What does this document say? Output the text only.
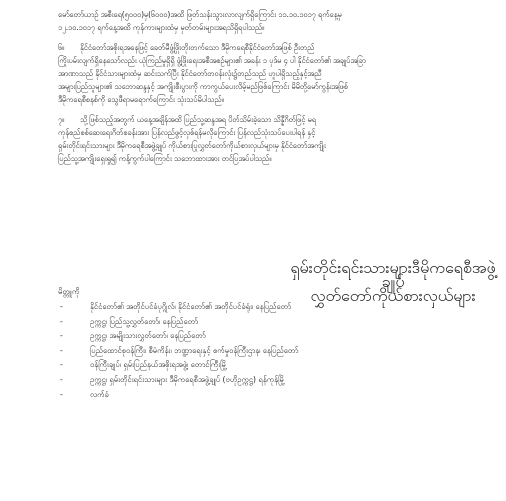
မော်တော်ယာဉ် အစီးရေ(၅၀၀၀)မှ(၆၀၀၀)အထိ ဖြတ်သန်းသွားလာလျက်ရှိကြောင်း ၁၁.၁၀.၁၀၁၇ ရက်နေ့မှ
၁၂.၁၀.၁၀၁၇ ရက်နေ့အထိ ကုန်ကားများထံမှ မှတ်တမ်းများအရသိရှိရပါသည်။
၆။ နိုင်ငံတော်အစိုးရအနေဖြင့် ခေတ်မီဖွံ့ဖြိုးတိုးတက်သော ဒီမိုကရေစီနိုင်ငံတော်အဖြစ် ဦးတည်
ကြိုးပမ်းလျက်ရှိနေသော်လည်း ယုံကြည်မှုရှိရှိ ဖွံ့ဖြိုးရေးအစီအစဉ်များ၏ အခန်း ၁ ပုဒ်မ ၄ ပါ နိုင်ငံတော်၏ အချုပ်အခြာ
အာဏာသည် နိုင်ငံသားများထံမှ ဆင်းသက်ပြီး နိုင်ငံတော်တဝန်းလုံး၌တည်သည် ဟူပါရှိသည့်နှင့်အညီ
အများပြည်သူများ၏ သဘောဆန္ဒနှင့် အကျိုးစီးပွားကို ကာကွယ်ပေးလိမ့်မည်ဖြစ်ကြောင်း မိမိတို့မော်ကွန်းအဖြစ်
ဒီမိုကရေစီစနစ်ကို သွေဖီရာမရောက်ကြောင်း သုံးသပ်မိပါသည်။
၇။ သို့ဖြစ်သည့်အတွက် ယနေ့အချိန်အထိ ပြည်သူ့ဆန္ဒအရ ပိတ်သိမ်းခဲ့သော သိန္နီဂိတ်ဖြင့် မရ
ကုန်စည်စစ်ဆေးရေးဂိတ်စခန်းအား ပြန်လည်ဖွင့်လှစ်ရန်မလိုကြောင်း ပြန်လည်သုံးသပ်ပေးပါရန် နှင့်
ရှမ်းတိုင်းရင်းသားများ ဒီမိုကရေစီအဖွဲ့ချုပ် ကိုယ်စားပြုလွှတ်တော်ကိုယ်စားလှယ်များမှ နိုင်ငံတော်အကျိုး
ပြည်သူ့အကျိုးရှေးရှု၍ ကန့်ကွက်ပါကြောင်း သဘောထားအား တင်ပြအပ်ပါသည်။
ရှမ်းတိုင်းရင်းသားများဒီမိုကရေစီအဖွဲ့ချုပ်
လွှတ်တော်ကိုယ်စားလှယ်များ
မိတ္တူကို
-	နိုင်ငံတော်၏ အတိုင်ပင်ခံပုဂ္ဂိုလ်၊ နိုင်ငံတော်၏ အတိုင်ပင်ခံရုံး၊ နေပြည်တော်
-	ဥက္ကဋ္ဌ၊ ပြည်သူ့လွှတ်တော်၊ နေပြည်တော်
-	ဥက္ကဋ္ဌ၊ အမျိုးသားလွှတ်တော်၊ နေပြည်တော်
-	ပြည်ထောင်စုဝန်ကြီး၊ စီမံကိန်း၊ ဘဏ္ဍာရေးနှင့် စက်မှုဝန်ကြီးဌာန၊ နေပြည်တော်
-	ဝန်ကြီးချုပ်၊ ရှမ်းပြည်နယ်အစိုးရအဖွဲ့၊ တောင်ကြီးမြို့
-	ဥက္ကဋ္ဌ၊ ရှမ်းတိုင်းရင်းသားများ ဒီမိုကရေစီအဖွဲ့ချုပ် (ဗဟိုဥက္ကဋ္ဌ) ရန်ကုန်မြို့
-	လက်ခံ
